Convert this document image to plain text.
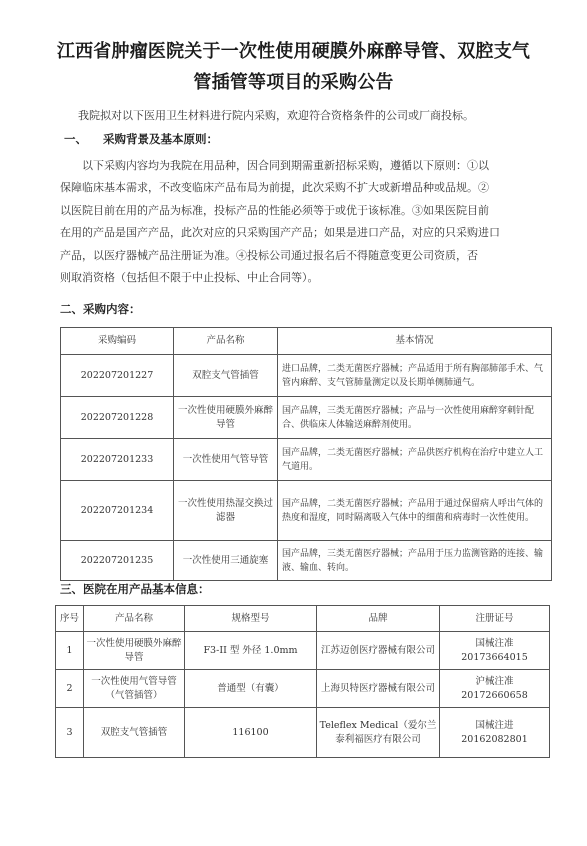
江西省肿瘤医院关于一次性使用硬膜外麻醉导管、双腔支气
管插管等项目的采购公告
我院拟对以下医用卫生材料进行院内采购，欢迎符合资格条件的公司或厂商投标。
一、    采购背景及基本原则：
以下采购内容均为我院在用品种，因合同到期需重新招标采购，遵循以下原则：①以
保障临床基本需求，不改变临床产品布局为前提，此次采购不扩大或新增品种或品规。②
以医院目前在用的产品为标准，投标产品的性能必须等于或优于该标准。③如果医院目前
在用的产品是国产产品，此次对应的只采购国产产品；如果是进口产品，对应的只采购进口
产品，以医疗器械产品注册证为准。④投标公司通过报名后不得随意变更公司资质，否
则取消资格（包括但不限于中止投标、中止合同等）。
二、采购内容：
采购编码	产品名称	基本情况
202207201227	双腔支气管插管	进口品牌，二类无菌医疗器械；产品适用于所有胸部肺部手术、气管内麻醉、支气管肺量测定以及长期单侧肺通气。
202207201228	一次性使用硬膜外麻醉导管	国产品牌，三类无菌医疗器械；产品与一次性使用麻醉穿刺针配合、供临床人体输送麻醉剂使用。
202207201233	一次性使用气管导管	国产品牌，二类无菌医疗器械；产品供医疗机构在治疗中建立人工气道用。
202207201234	一次性使用热湿交换过滤器	国产品牌，二类无菌医疗器械；产品用于通过保留病人呼出气体的热度和湿度，同时隔离吸入气体中的细菌和病毒时一次性使用。
202207201235	一次性使用三通旋塞	国产品牌，三类无菌医疗器械；产品用于压力监测管路的连接、输液、输血、转向。
三、医院在用产品基本信息：
序号	产品名称	规格型号	品牌	注册证号
1	一次性使用硬膜外麻醉导管	F3-II 型 外径 1.0mm	江苏迈创医疗器械有限公司	国械注准 20173664015
2	一次性使用气管导管（气管插管）	普通型（有囊）	上海贝特医疗器械有限公司	沪械注准 20172660658
3	双腔支气管插管	116100	Teleflex Medical（爱尔兰泰利福医疗有限公司	国械注进 20162082801
